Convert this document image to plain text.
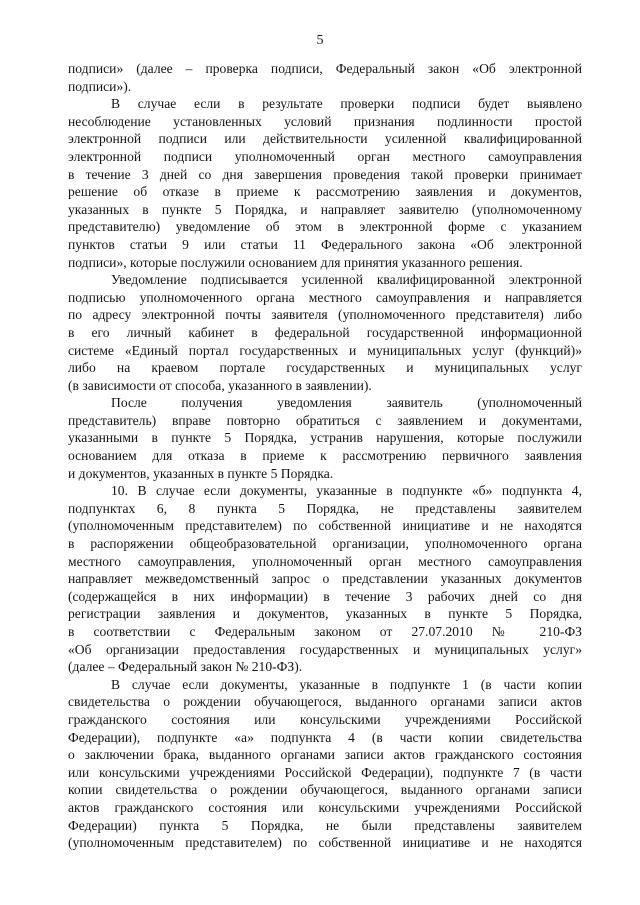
5
подписи» (далее – проверка подписи, Федеральный закон «Об электронной
подписи»).
В случае если в результате проверки подписи будет выявлено
несоблюдение установленных условий признания подлинности простой
электронной подписи или действительности усиленной квалифицированной
электронной подписи уполномоченный орган местного самоуправления
в течение 3 дней со дня завершения проведения такой проверки принимает
решение об отказе в приеме к рассмотрению заявления и документов,
указанных в пункте 5 Порядка, и направляет заявителю (уполномоченному
представителю) уведомление об этом в электронной форме с указанием
пунктов статьи 9 или статьи 11 Федерального закона «Об электронной
подписи», которые послужили основанием для принятия указанного решения.
Уведомление подписывается усиленной квалифицированной электронной
подписью уполномоченного органа местного самоуправления и направляется
по адресу электронной почты заявителя (уполномоченного представителя) либо
в его личный кабинет в федеральной государственной информационной
системе «Единый портал государственных и муниципальных услуг (функций)»
либо на краевом портале государственных и муниципальных услуг
(в зависимости от способа, указанного в заявлении).
После получения уведомления заявитель (уполномоченный
представитель) вправе повторно обратиться с заявлением и документами,
указанными в пункте 5 Порядка, устранив нарушения, которые послужили
основанием для отказа в приеме к рассмотрению первичного заявления
и документов, указанных в пункте 5 Порядка.
10. В случае если документы, указанные в подпункте «б» подпункта 4,
подпунктах 6, 8 пункта 5 Порядка, не представлены заявителем
(уполномоченным представителем) по собственной инициативе и не находятся
в распоряжении общеобразовательной организации, уполномоченного органа
местного самоуправления, уполномоченный орган местного самоуправления
направляет межведомственный запрос о представлении указанных документов
(содержащейся в них информации) в течение 3 рабочих дней со дня
регистрации заявления и документов, указанных в пункте 5 Порядка,
в соответствии с Федеральным законом от 27.07.2010 № 210-ФЗ
«Об организации предоставления государственных и муниципальных услуг»
(далее – Федеральный закон № 210-ФЗ).
В случае если документы, указанные в подпункте 1 (в части копии
свидетельства о рождении обучающегося, выданного органами записи актов
гражданского состояния или консульскими учреждениями Российской
Федерации), подпункте «а» подпункта 4 (в части копии свидетельства
о заключении брака, выданного органами записи актов гражданского состояния
или консульскими учреждениями Российской Федерации), подпункте 7 (в части
копии свидетельства о рождении обучающегося, выданного органами записи
актов гражданского состояния или консульскими учреждениями Российской
Федерации) пункта 5 Порядка, не были представлены заявителем
(уполномоченным представителем) по собственной инициативе и не находятся
